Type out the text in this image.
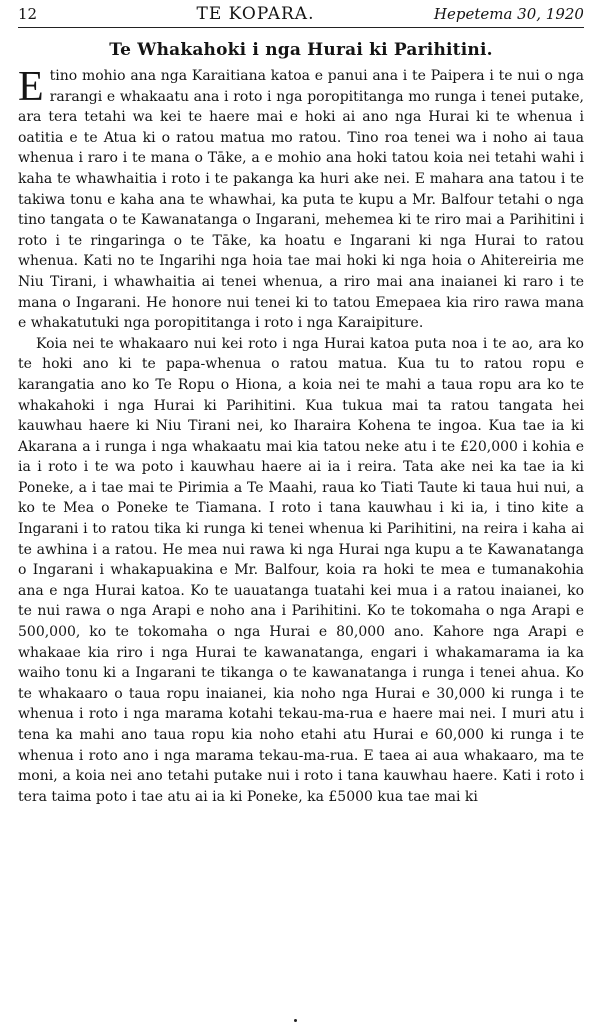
12	TE KOPARA.	Hepetema 30, 1920
Te Whakahoki i nga Hurai ki Parihitini.

Etino mohio ana nga Karaitiana katoa e panui ana i te Paipera i te nui o nga rarangi e whakaatu ana i roto i nga poropititanga mo runga i tenei putake, ara tera tetahi wa kei te haere mai e hoki ai ano nga Hurai ki te whenua i oatitia e te Atua ki o ratou matua mo ratou. Tino roa tenei wa i noho ai taua whenua i raro i te mana o Tāke, a e mohio ana hoki tatou koia nei tetahi wahi i kaha te whawhaitia i roto i te pakanga ka huri ake nei. E mahara ana tatou i te takiwa tonu e kaha ana te whawhai, ka puta te kupu a Mr. Balfour tetahi o nga tino tangata o te Kawanatanga o Ingarani, mehemea ki te riro mai a Parihitini i roto i te ringaringa o te Tāke, ka hoatu e Ingarani ki nga Hurai to ratou whenua. Kati no te Ingarihi nga hoia tae mai hoki ki nga hoia o Ahitereiria me Niu Tirani, i whawhaitia ai tenei whenua, a riro mai ana inaianei ki raro i te mana o Ingarani. He honore nui tenei ki to tatou Emepaea kia riro rawa mana e whakatutuki nga poropititanga i roto i nga Karaipiture.

Koia nei te whakaaro nui kei roto i nga Hurai katoa puta noa i te ao, ara ko te hoki ano ki te papa-whenua o ratou matua. Kua tu to ratou ropu e karangatia ano ko Te Ropu o Hiona, a koia nei te mahi a taua ropu ara ko te whakahoki i nga Hurai ki Parihitini. Kua tukua mai ta ratou tangata hei kauwhau haere ki Niu Tirani nei, ko Iharaira Kohena te ingoa. Kua tae ia ki Akarana a i runga i nga whakaatu mai kia tatou neke atu i te £20,000 i kohia e ia i roto i te wa poto i kauwhau haere ai ia i reira. Tata ake nei ka tae ia ki Poneke, a i tae mai te Pirimia a Te Maahi, raua ko Tiati Taute ki taua hui nui, a ko te Mea o Poneke te Tiamana. I roto i tana kauwhau i ki ia, i tino kite a Ingarani i to ratou tika ki runga ki tenei whenua ki Parihitini, na reira i kaha ai te awhina i a ratou. He mea nui rawa ki nga Hurai nga kupu a te Kawanatanga o Ingarani i whakapuakina e Mr. Balfour, koia ra hoki te mea e tumanakohia ana e nga Hurai katoa. Ko te uauatanga tuatahi kei mua i a ratou inaianei, ko te nui rawa o nga Arapi e noho ana i Parihitini. Ko te tokomaha o nga Arapi e 500,000, ko te tokomaha o nga Hurai e 80,000 ano. Kahore nga Arapi e whakaae kia riro i nga Hurai te kawanatanga, engari i whakamarama ia ka waiho tonu ki a Ingarani te tikanga o te kawanatanga i runga i tenei ahua. Ko te whakaaro o taua ropu inaianei, kia noho nga Hurai e 30,000 ki runga i te whenua i roto i nga marama kotahi tekau-ma-rua e haere mai nei. I muri atu i tena ka mahi ano taua ropu kia noho etahi atu Hurai e 60,000 ki runga i te whenua i roto ano i nga marama tekau-ma-rua. E taea ai aua whakaaro, ma te moni, a koia nei ano tetahi putake nui i roto i tana kauwhau haere. Kati i roto i tera taima poto i tae atu ai ia ki Poneke, ka £5000 kua tae mai ki
